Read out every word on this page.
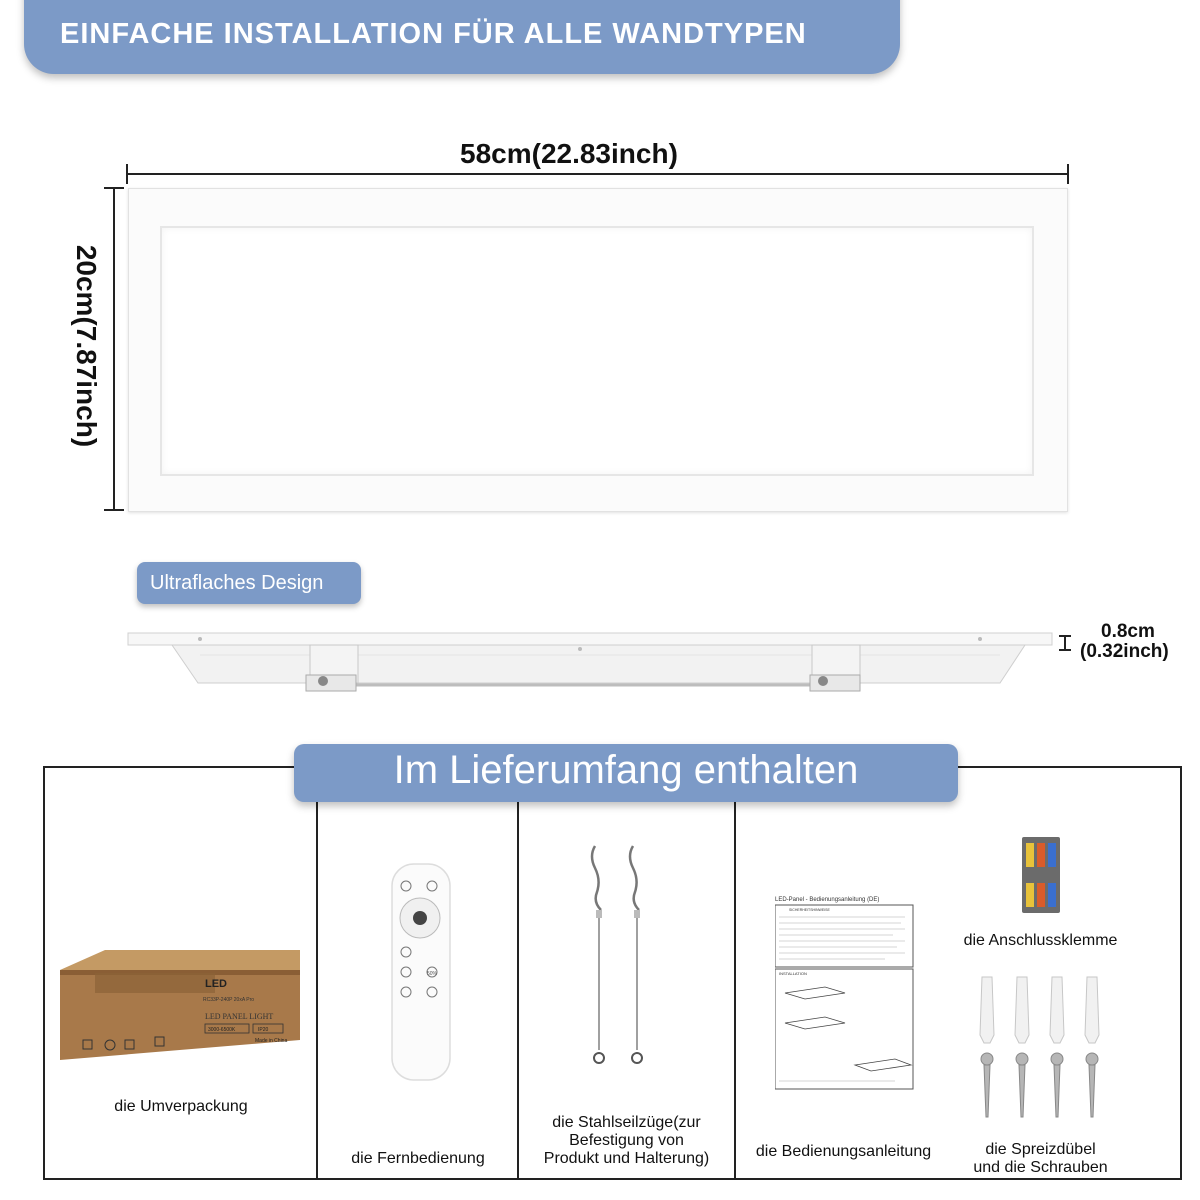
EINFACHE INSTALLATION FÜR ALLE WANDTYPEN
58cm(22.83inch)
20cm(7.87inch)
Ultraflaches Design
0.8cm
(0.32inch)
Im Lieferumfang enthalten
LED
RC33P-240P 20xA Pro
LED PANEL LIGHT
3000-6500K	IP20
Made in China
die Umverpackung
50%
die Fernbedienung
die Stahlseilzüge(zur
Befestigung von
Produkt und Halterung)
LED-Panel - Bedienungsanleitung (DE)
SICHERHEITSHINWEISE
INSTALLATION
die Bedienungsanleitung
die Anschlussklemme
die Spreizdübel
und die Schrauben
